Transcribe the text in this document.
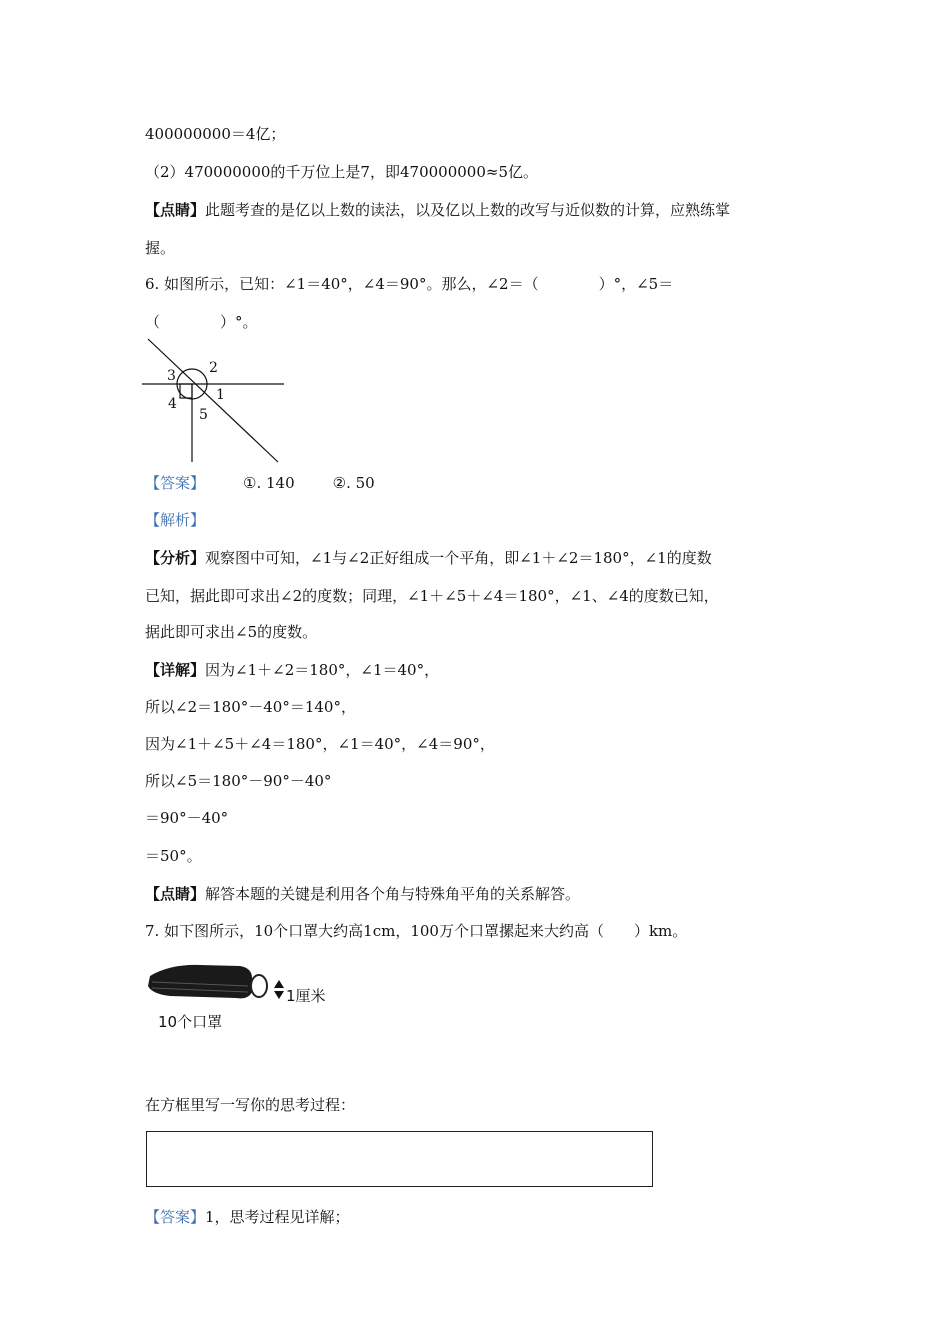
400000000＝4亿；
（2）470000000的千万位上是7，即470000000≈5亿。
【点睛】此题考查的是亿以上数的读法，以及亿以上数的改写与近似数的计算，应熟练掌
握。
6. 如图所示，已知：∠1＝40°，∠4＝90°。那么，∠2＝（　　　　）°，∠5＝
（　　　　）°。
2
3
4
1
5
【答案】	①. 140	②. 50
【解析】
【分析】观察图中可知，∠1与∠2正好组成一个平角，即∠1＋∠2＝180°，∠1的度数
已知，据此即可求出∠2的度数；同理，∠1＋∠5＋∠4＝180°，∠1、∠4的度数已知，
据此即可求出∠5的度数。
【详解】因为∠1＋∠2＝180°，∠1＝40°，
所以∠2＝180°－40°＝140°，
因为∠1＋∠5＋∠4＝180°，∠1＝40°，∠4＝90°，
所以∠5＝180°－90°－40°
＝90°－40°
＝50°。
【点睛】解答本题的关键是利用各个角与特殊角平角的关系解答。
7. 如下图所示，10个口罩大约高1cm，100万个口罩摞起来大约高（　　）km。
1厘米
10个口罩
在方框里写一写你的思考过程：
【答案】1，思考过程见详解；
